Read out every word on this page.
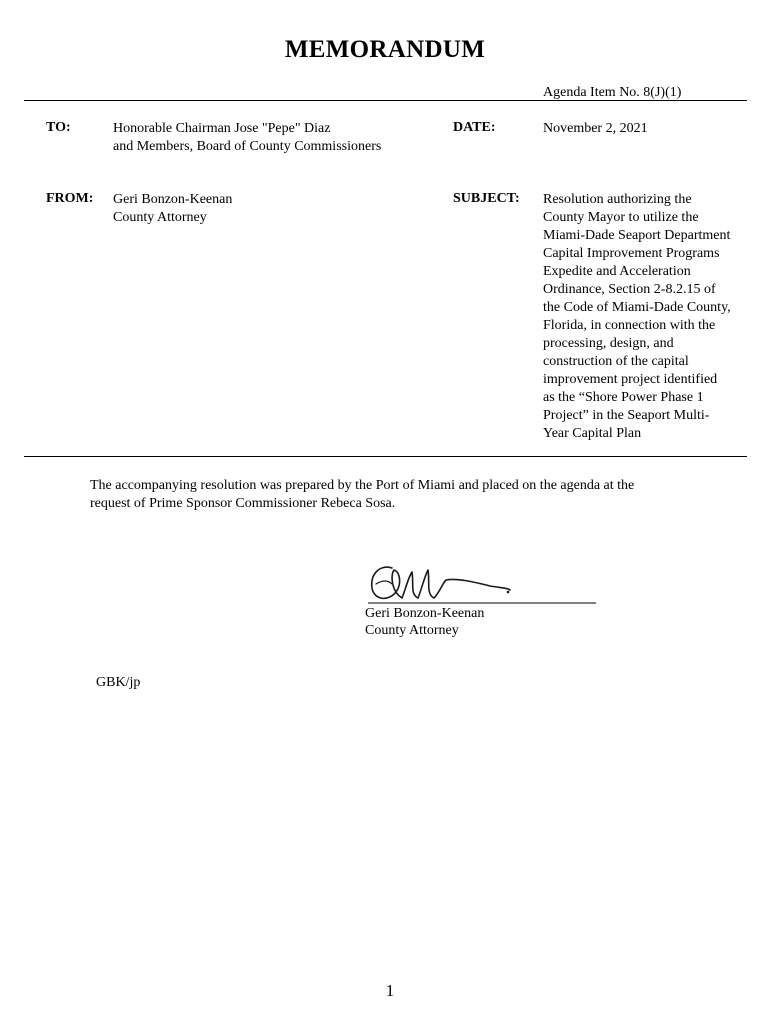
MEMORANDUM
Agenda Item No. 8(J)(1)
TO:	Honorable Chairman Jose "Pepe" Diaz
and Members, Board of County Commissioners
DATE:	November 2, 2021
FROM: Geri Bonzon-Keenan
County Attorney
SUBJECT: Resolution authorizing the
County Mayor to utilize the
Miami-Dade Seaport Department
Capital Improvement Programs
Expedite and Acceleration
Ordinance, Section 2-8.2.15 of
the Code of Miami-Dade County,
Florida, in connection with the
processing, design, and
construction of the capital
improvement project identified
as the “Shore Power Phase 1
Project” in the Seaport Multi-
Year Capital Plan
The accompanying resolution was prepared by the Port of Miami and placed on the agenda at the
request of Prime Sponsor Commissioner Rebeca Sosa.
Geri Bonzon-Keenan
County Attorney
GBK/jp
1
